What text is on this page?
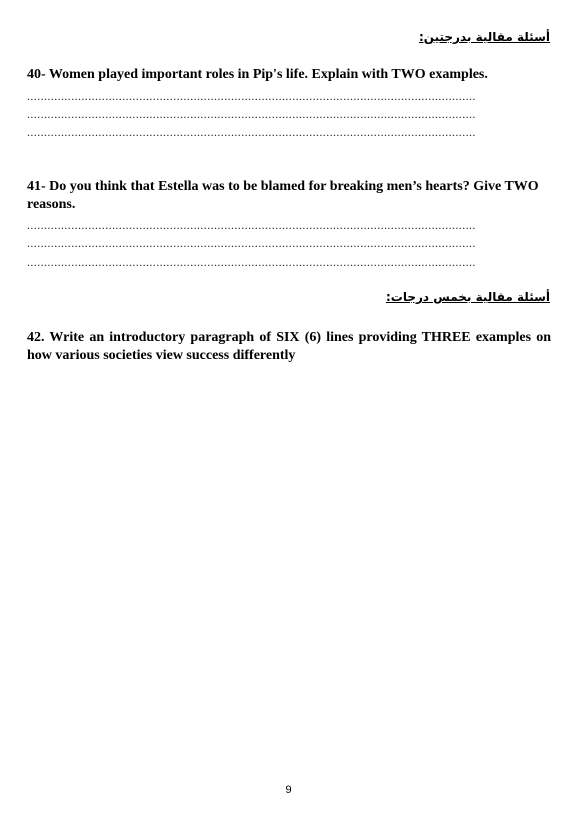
أسئلة مقالية بدرجتين:
40- Women played important roles in Pip's life. Explain with TWO examples.
....................................................................................................................................
....................................................................................................................................
....................................................................................................................................
41- Do you think that Estella was to be blamed for breaking men’s hearts? Give TWO reasons.
....................................................................................................................................
....................................................................................................................................
....................................................................................................................................
أسئلة مقالية بخمس درجات:
42. Write an introductory paragraph of SIX (6) lines providing THREE examples on how various societies view success differently
9
